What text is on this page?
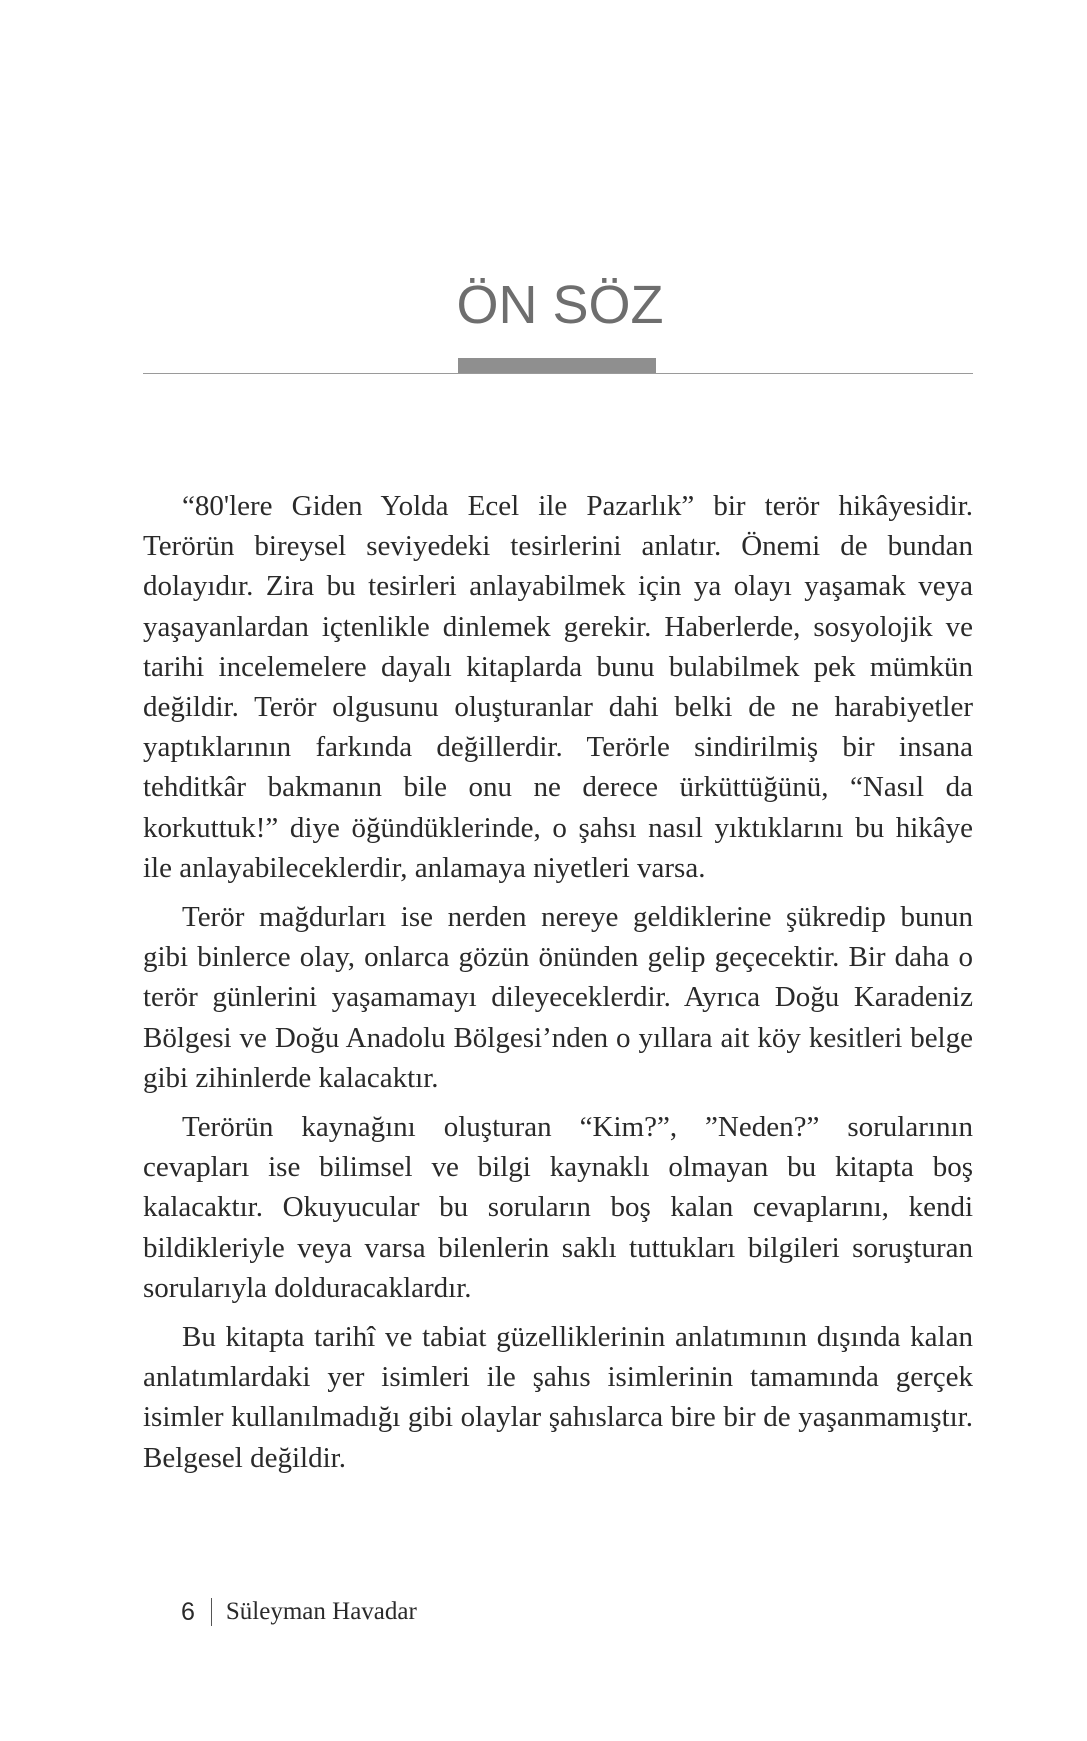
ÖN SÖZ

“80'lere Giden Yolda Ecel ile Pazarlık” bir terör hikâyesidir. Terörün bireysel seviyedeki tesirlerini anlatır. Önemi de bundan dolayıdır. Zira bu tesirleri anlayabilmek için ya olayı yaşamak veya yaşayanlardan içtenlikle dinlemek gerekir. Haberlerde, sosyolojik ve tarihi incelemelere dayalı kitaplarda bunu bulabilmek pek mümkün değildir. Terör olgusunu oluşturanlar dahi belki de ne harabiyetler yaptıklarının farkında değillerdir. Terörle sindirilmiş bir insana tehditkâr bakmanın bile onu ne derece ürküttüğünü, “Nasıl da korkuttuk!” diye öğündüklerinde, o şahsı nasıl yıktıklarını bu hikâye ile anlayabileceklerdir, anlamaya niyetleri varsa.

Terör mağdurları ise nerden nereye geldiklerine şükredip bunun gibi binlerce olay, onlarca gözün önünden gelip geçecektir. Bir daha o terör günlerini yaşamamayı dileyeceklerdir. Ayrıca Doğu Karadeniz Bölgesi ve Doğu Anadolu Bölgesi’nden o yıllara ait köy kesitleri belge gibi zihinlerde kalacaktır.

Terörün kaynağını oluşturan “Kim?”, ”Neden?” sorularının cevapları ise bilimsel ve bilgi kaynaklı olmayan bu kitapta boş kalacaktır. Okuyucular bu soruların boş kalan cevaplarını, kendi bildikleriyle veya varsa bilenlerin saklı tuttukları bilgileri soruşturan sorularıyla dolduracaklardır.

Bu kitapta tarihî ve tabiat güzelliklerinin anlatımının dışında kalan anlatımlardaki yer isimleri ile şahıs isimlerinin tamamında gerçek isimler kullanılmadığı gibi olaylar şahıslarca bire bir de yaşanmamıştır. Belgesel değildir.

6 Süleyman Havadar
